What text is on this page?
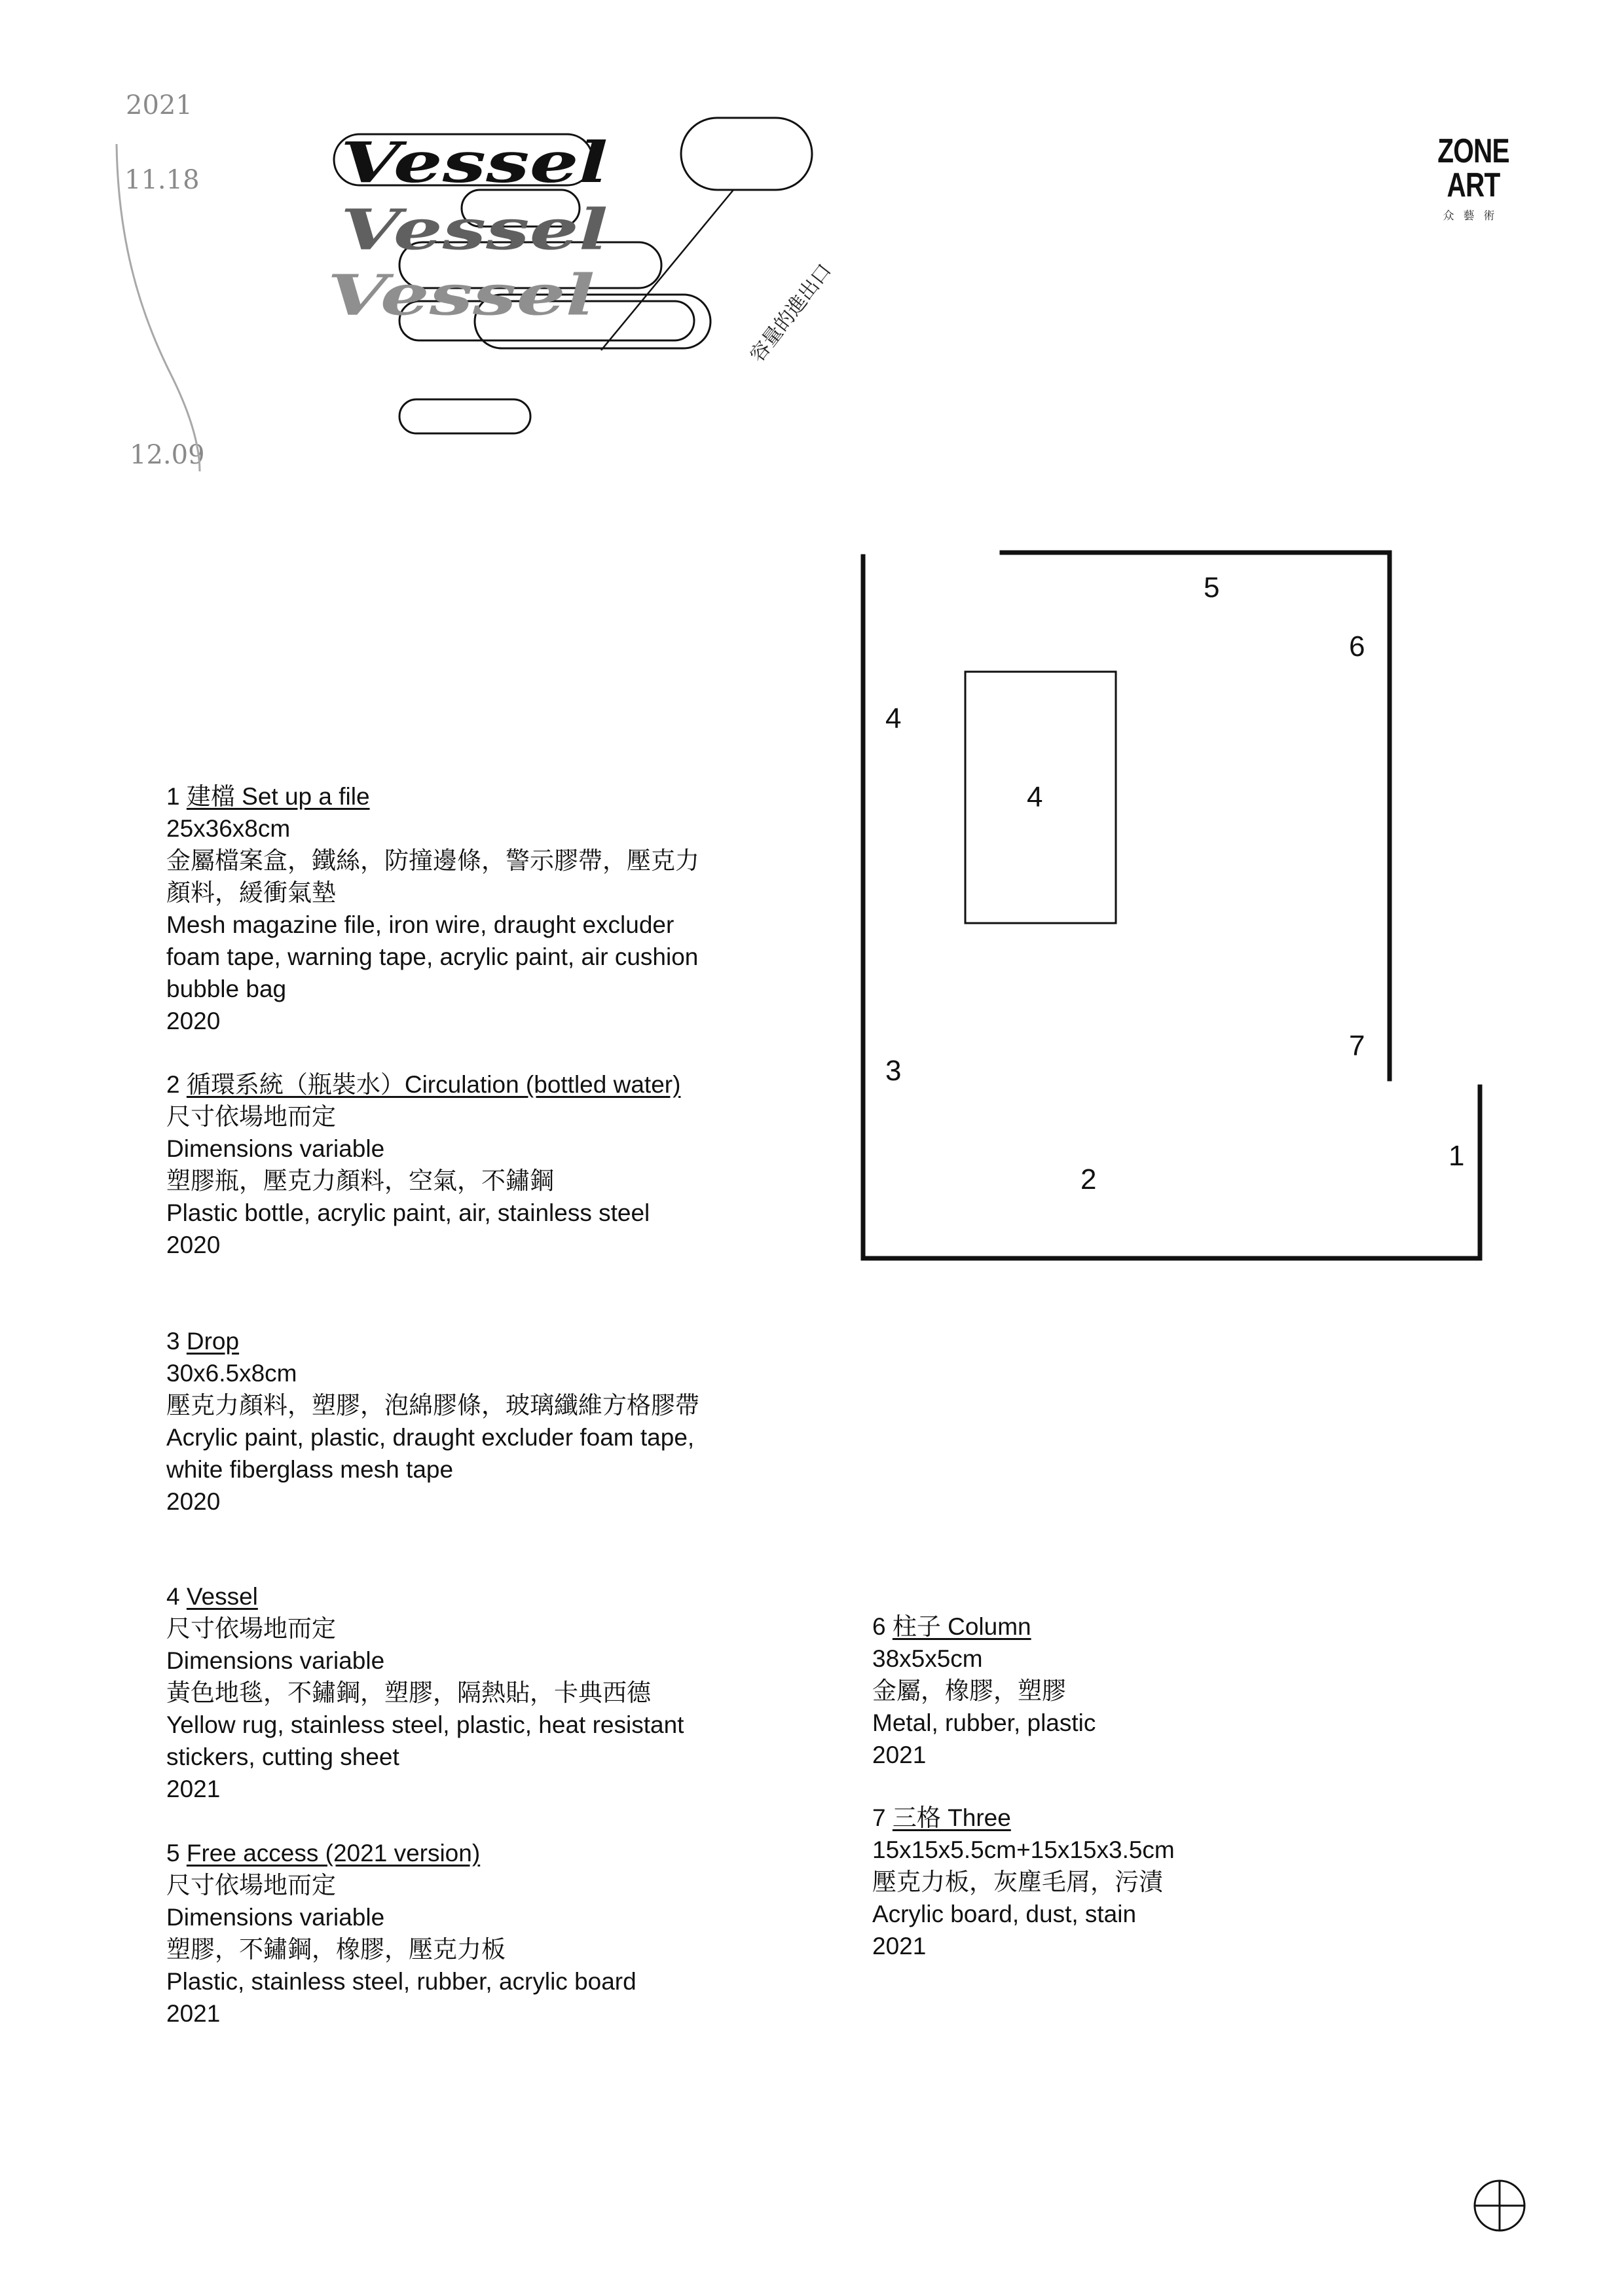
2021
11.18
12.09
Vessel
Vessel
Vessel	容量的進出口
ZONE ART
众藝術
1
2
3
4
4
5
6
7

1 建檔 Set up a file

25x36x8cm

金屬檔案盒，鐵絲，防撞邊條，警示膠帶，壓克力顏料，緩衝氣墊

Mesh magazine file, iron wire, draught excluder foam tape, warning tape, acrylic paint, air cushion bubble bag

2020

2 循環系統（瓶裝水）Circulation (bottled water)

尺寸依場地而定

Dimensions variable

塑膠瓶，壓克力顏料，空氣，不鏽鋼

Plastic bottle, acrylic paint, air, stainless steel

2020

3 Drop

30x6.5x8cm

壓克力顏料，塑膠，泡綿膠條，玻璃纖維方格膠帶

Acrylic paint, plastic, draught excluder foam tape, white fiberglass mesh tape

2020

4 Vessel

尺寸依場地而定

Dimensions variable

黃色地毯，不鏽鋼，塑膠，隔熱貼，卡典西德

Yellow rug, stainless steel, plastic, heat resistant stickers, cutting sheet

2021

5 Free access (2021 version)

尺寸依場地而定

Dimensions variable

塑膠，不鏽鋼，橡膠，壓克力板

Plastic, stainless steel, rubber, acrylic board

2021

6 柱子 Column

38x5x5cm

金屬，橡膠，塑膠

Metal, rubber, plastic

2021

7 三格 Three

15x15x5.5cm+15x15x3.5cm

壓克力板，灰塵毛屑，污漬

Acrylic board, dust, stain

2021
